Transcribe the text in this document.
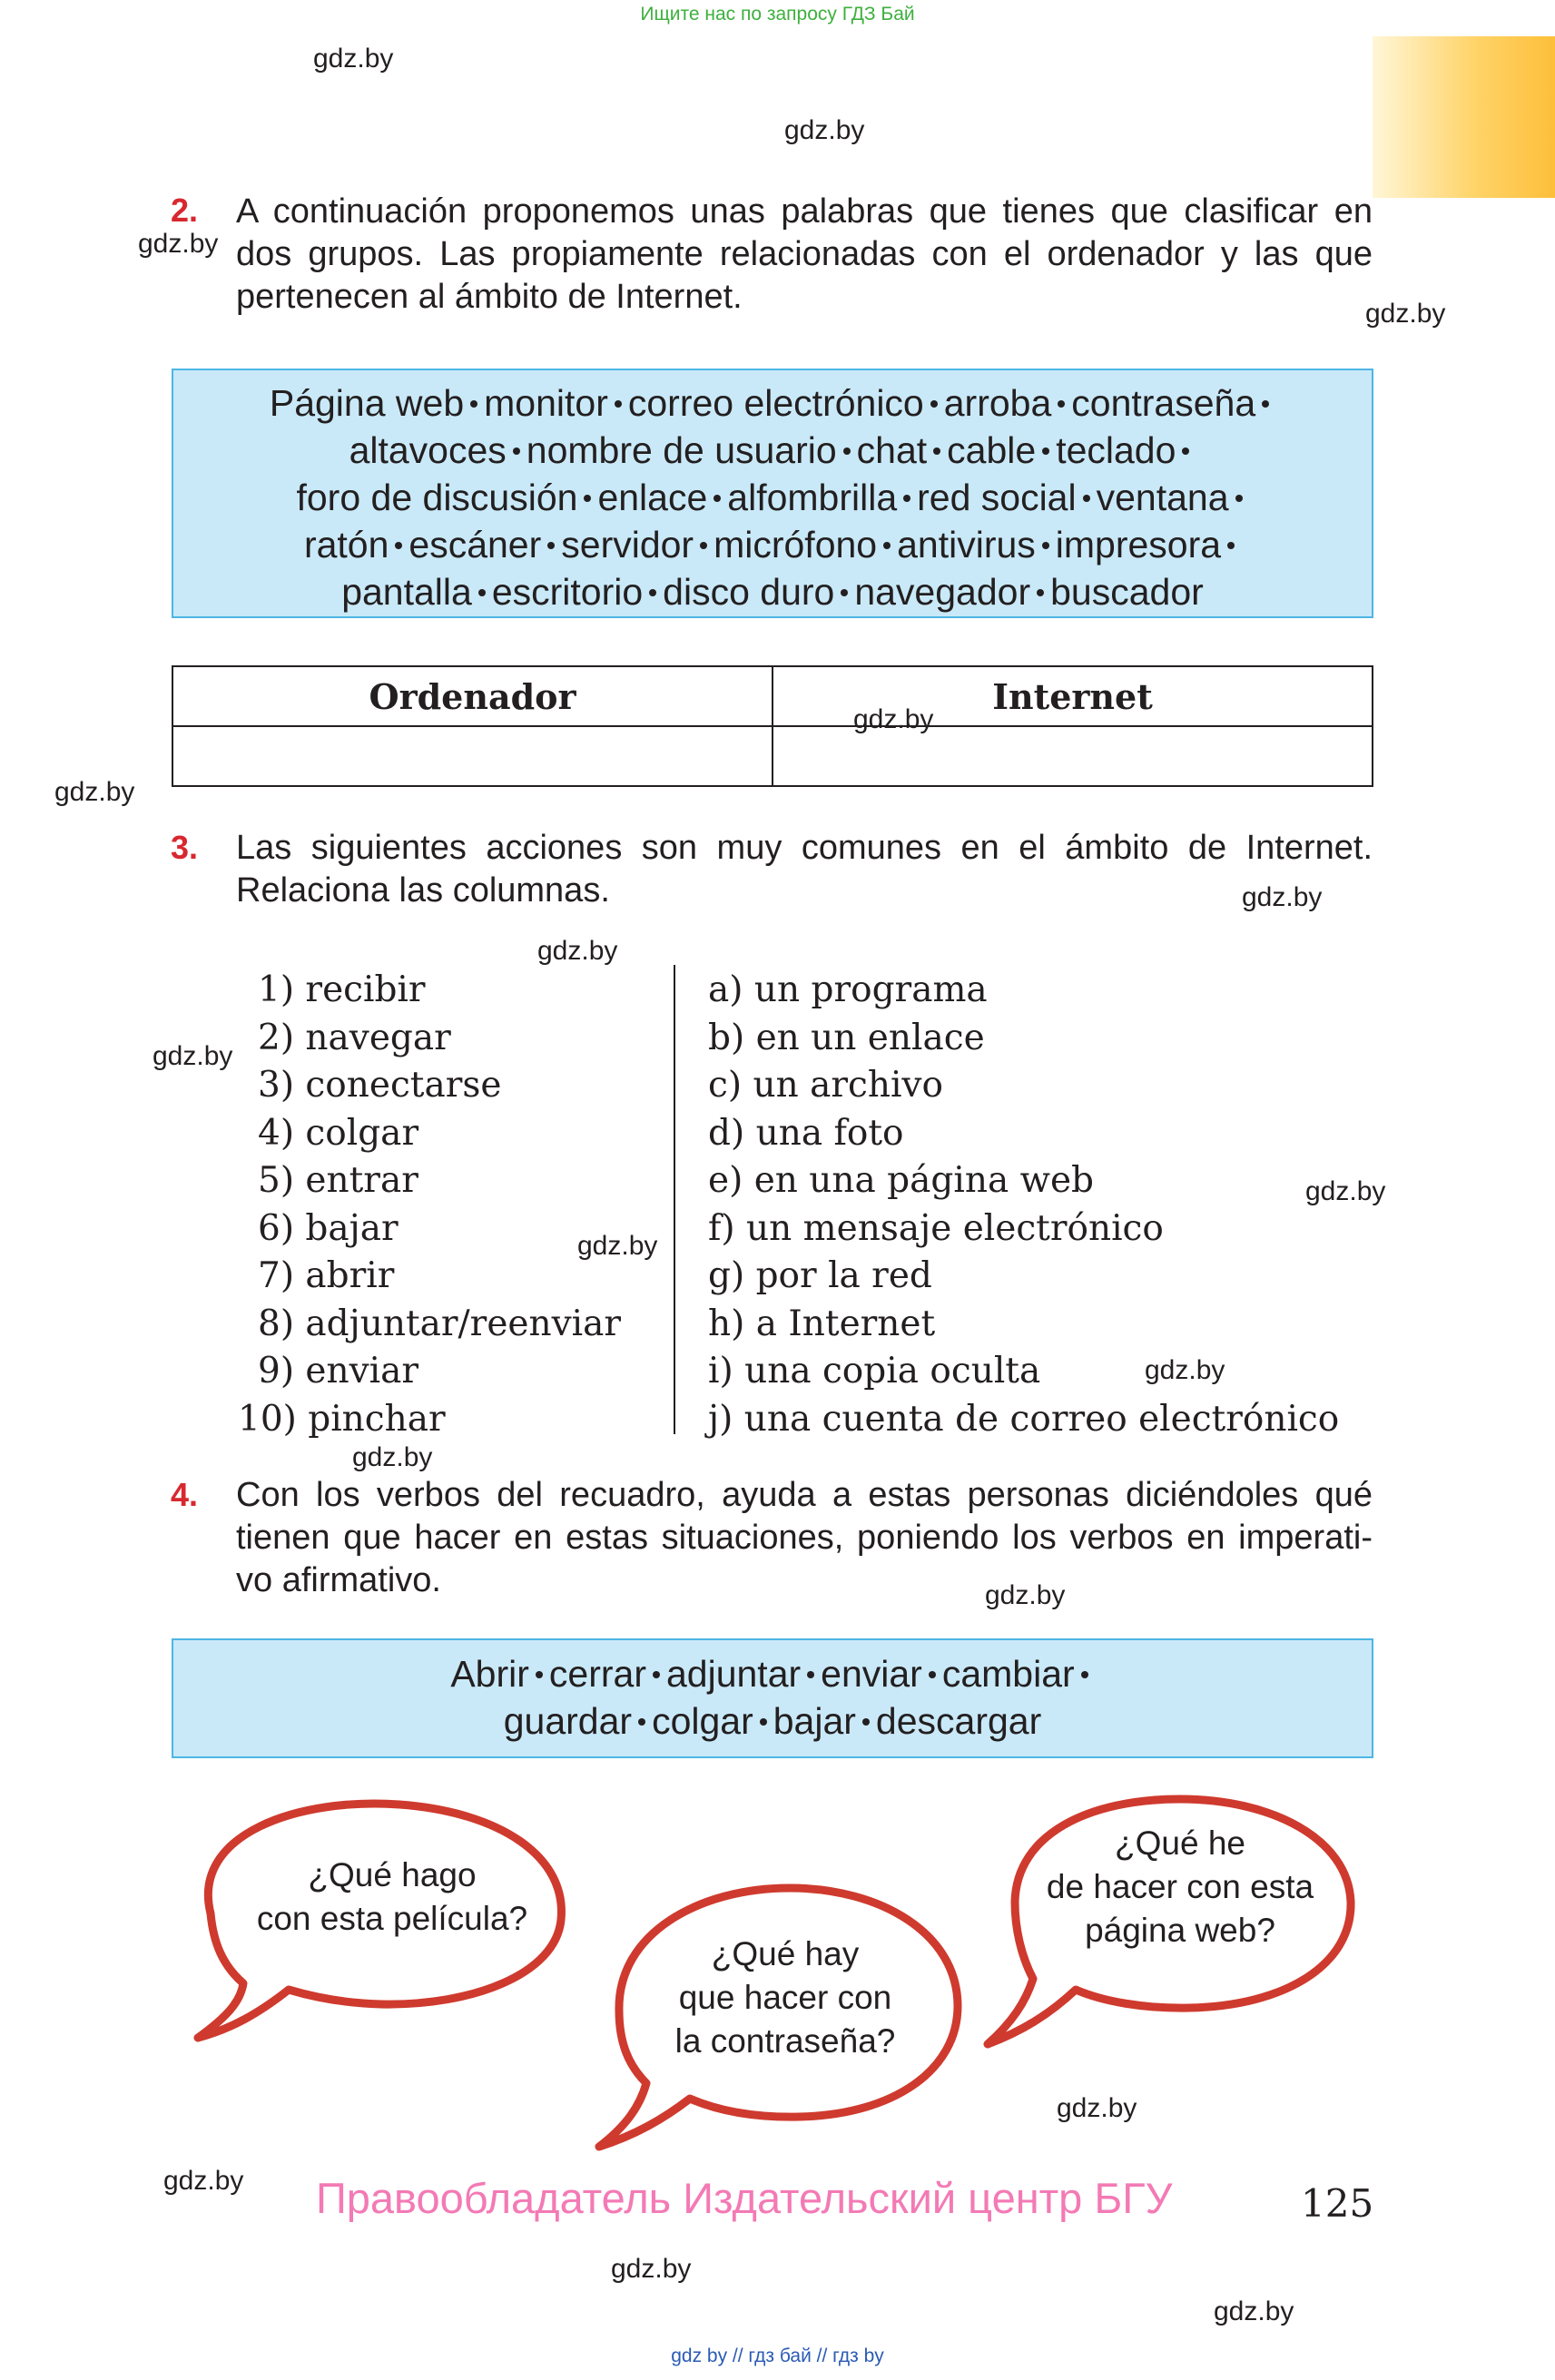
Ищите нас по запросу ГДЗ Бай
gdz.by
gdz.by
gdz.by
gdz.by
gdz.by
gdz.by
gdz.by
gdz.by
gdz.by
gdz.by
gdz.by
gdz.by
gdz.by
gdz.by
gdz.by
gdz.by
gdz.by
gdz.by
2. A continuación proponemos unas palabras que tienes que clasificar en dos grupos. Las propiamente relacionadas con el ordenador y las que pertenecen al ámbito de Internet.
Página web monitor correo electrónico arroba contraseña
altavoces nombre de usuario chat cable teclado
foro de discusión enlace alfombrilla red social ventana
ratón escáner servidor micrófono antivirus impresora
pantalla escritorio disco duro navegador buscador
Ordenador	Internet

3. Las siguientes acciones son muy comunes en el ámbito de Internet. Relaciona las columnas.
1) recibir
2) navegar
3) conectarse
4) colgar
5) entrar
6) bajar
7) abrir
8) adjuntar/reenviar
9) enviar
10) pinchar
a) un programa
b) en un enlace
c) un archivo
d) una foto
e) en una página web
f) un mensaje electrónico
g) por la red
h) a Internet
i) una copia oculta
j) una cuenta de correo electrónico
4. Con los verbos del recuadro, ayuda a estas personas diciéndoles qué
tienen que hacer en estas situaciones, poniendo los verbos en imperati-
vo afirmativo.
Abrir cerrar adjuntar enviar cambiar
guardar colgar bajar descargar
¿Qué hago
con esta película?
¿Qué hay
que hacer con
la contraseña?
¿Qué he
de hacer con esta
página web?
Правообладатель Издательский центр БГУ	125
gdz by // гдз бай // гдз by
